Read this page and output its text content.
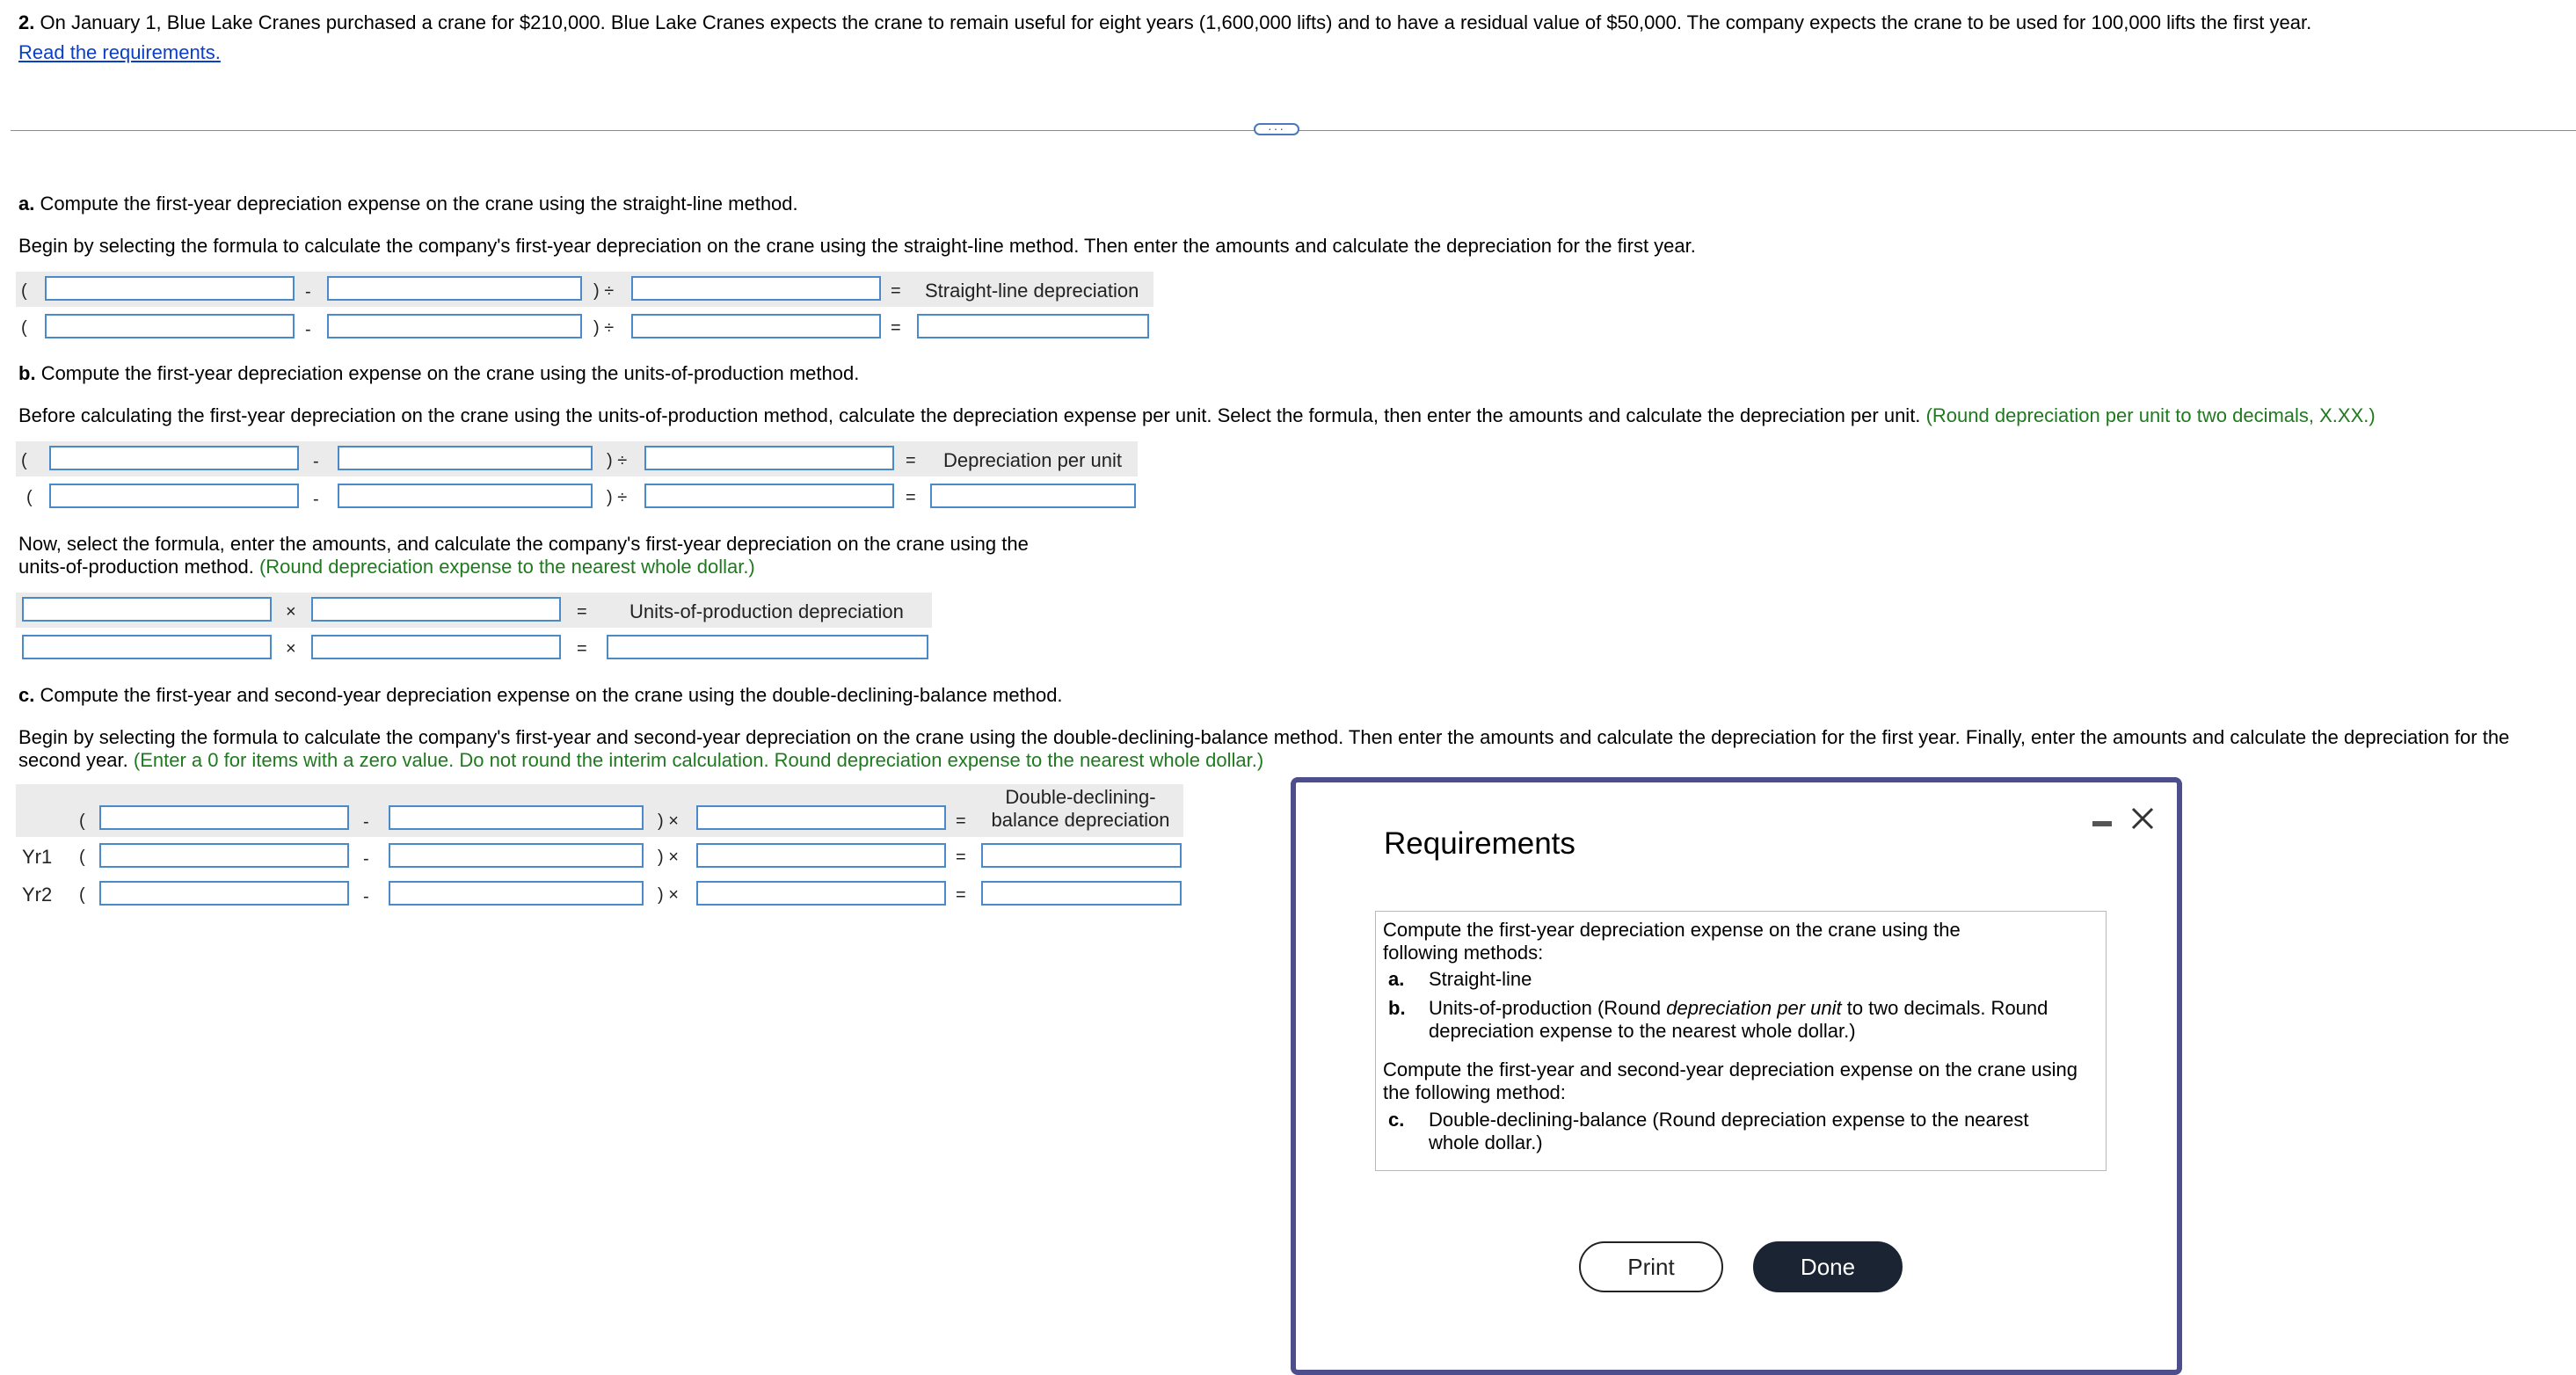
2. On January 1, Blue Lake Cranes purchased a crane for $210,000. Blue Lake Cranes expects the crane to remain useful for eight years (1,600,000 lifts) and to have a residual value of $50,000. The company expects the crane to be used for 100,000 lifts the first year.
Read the requirements.
···
a. Compute the first-year depreciation expense on the crane using the straight-line method.
Begin by selecting the formula to calculate the company's first-year depreciation on the crane using the straight-line method. Then enter the amounts and calculate the depreciation for the first year.
(	-	) ÷	= Straight-line depreciation
(	-	) ÷	=
b. Compute the first-year depreciation expense on the crane using the units-of-production method.
Before calculating the first-year depreciation on the crane using the units-of-production method, calculate the depreciation expense per unit. Select the formula, then enter the amounts and calculate the depreciation per unit. (Round depreciation per unit to two decimals, X.XX.)
(	-	) ÷	= Depreciation per unit
(	-	) ÷	=
Now, select the formula, enter the amounts, and calculate the company's first-year depreciation on the crane using the
units-of-production method. (Round depreciation expense to the nearest whole dollar.)
×	= Units-of-production depreciation
×	=
c. Compute the first-year and second-year depreciation expense on the crane using the double-declining-balance method.
Begin by selecting the formula to calculate the company's first-year and second-year depreciation on the crane using the double-declining-balance method. Then enter the amounts and calculate the depreciation for the first year. Finally, enter the amounts and calculate the depreciation for the
second year. (Enter a 0 for items with a zero value. Do not round the interim calculation. Round depreciation expense to the nearest whole dollar.)
(	-	) ×	=
Double-declining-
balance depreciation
Yr1 (	-	) ×	=
Yr2 (	-	) ×	=
Requirements
Compute the first-year depreciation expense on the crane using the
following methods:
a. Straight-line
b. Units-of-production (Round depreciation per unit to two decimals. Round
depreciation expense to the nearest whole dollar.)
Compute the first-year and second-year depreciation expense on the crane using
the following method:
c. Double-declining-balance (Round depreciation expense to the nearest
whole dollar.)
Print	Done
